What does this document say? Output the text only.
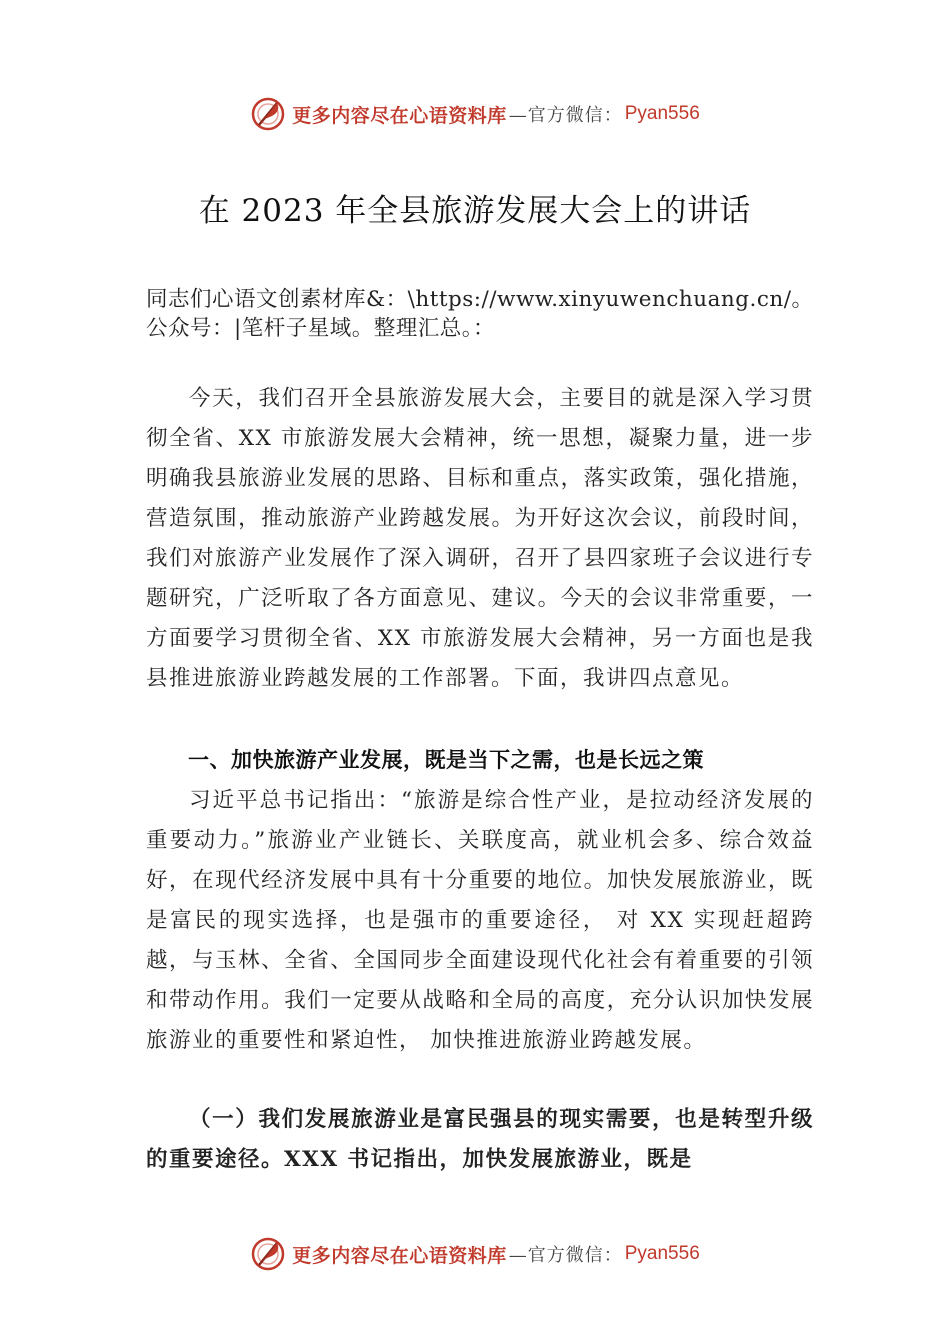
更多内容尽在心语资料库 —官方微信： Pyan556
在 2023 年全县旅游发展大会上的讲话

同志们心语文创素材库&：\https://www.xinyuwenchuang.cn/。公众号：|笔杆子星域。整理汇总。：

今天，我们召开全县旅游发展大会，主要目的就是深入学习贯彻全省、XX 市旅游发展大会精神，统一思想，凝聚力量，进一步明确我县旅游业发展的思路、目标和重点，落实政策，强化措施，营造氛围，推动旅游产业跨越发展。为开好这次会议，前段时间，我们对旅游产业发展作了深入调研，召开了县四家班子会议进行专题研究，广泛听取了各方面意见、建议。今天的会议非常重要，一方面要学习贯彻全省、XX 市旅游发展大会精神，另一方面也是我县推进旅游业跨越发展的工作部署。下面，我讲四点意见。

一、加快旅游产业发展，既是当下之需，也是长远之策

习近平总书记指出：“旅游是综合性产业，是拉动经济发展的重要动力。”旅游业产业链长、关联度高，就业机会多、综合效益好，在现代经济发展中具有十分重要的地位。加快发展旅游业，既是富民的现实选择，也是强市的重要途径， 对 XX 实现赶超跨越，与玉林、全省、全国同步全面建设现代化社会有着重要的引领和带动作用。我们一定要从战略和全局的高度，充分认识加快发展旅游业的重要性和紧迫性， 加快推进旅游业跨越发展。

（一）我们发展旅游业是富民强县的现实需要，也是转型升级的重要途径。XXX 书记指出，加快发展旅游业，既是

更多内容尽在心语资料库 —官方微信： Pyan556
